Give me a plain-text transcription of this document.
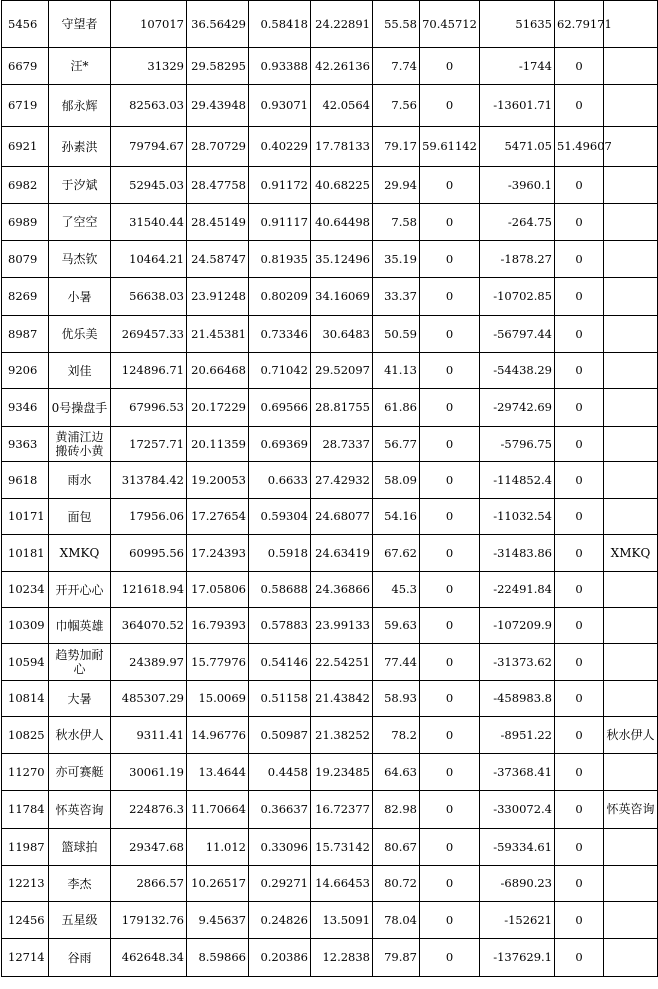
5456	守望者	107017	36.56429	0.58418	24.22891	55.58	70.45712	51635	62.79171	
6679	汪*	31329	29.58295	0.93388	42.26136	7.74	0	-1744	0	
6719	郁永辉	82563.03	29.43948	0.93071	42.0564	7.56	0	-13601.71	0	
6921	孙素洪	79794.67	28.70729	0.40229	17.78133	79.17	59.61142	5471.05	51.49607	
6982	于汐斌	52945.03	28.47758	0.91172	40.68225	29.94	0	-3960.1	0	
6989	了空空	31540.44	28.45149	0.91117	40.64498	7.58	0	-264.75	0	
8079	马杰钦	10464.21	24.58747	0.81935	35.12496	35.19	0	-1878.27	0	
8269	小暑	56638.03	23.91248	0.80209	34.16069	33.37	0	-10702.85	0	
8987	优乐美	269457.33	21.45381	0.73346	30.6483	50.59	0	-56797.44	0	
9206	刘佳	124896.71	20.66468	0.71042	29.52097	41.13	0	-54438.29	0	
9346	0号操盘手	67996.53	20.17229	0.69566	28.81755	61.86	0	-29742.69	0	
9363	黄浦江边搬砖小黄	17257.71	20.11359	0.69369	28.7337	56.77	0	-5796.75	0	
9618	雨水	313784.42	19.20053	0.6633	27.42932	58.09	0	-114852.4	0	
10171	面包	17956.06	17.27654	0.59304	24.68077	54.16	0	-11032.54	0	
10181	XMKQ	60995.56	17.24393	0.5918	24.63419	67.62	0	-31483.86	0	XMKQ
10234	开开心心	121618.94	17.05806	0.58688	24.36866	45.3	0	-22491.84	0	
10309	巾帼英雄	364070.52	16.79393	0.57883	23.99133	59.63	0	-107209.9	0	
10594	趋势加耐心	24389.97	15.77976	0.54146	22.54251	77.44	0	-31373.62	0	
10814	大暑	485307.29	15.0069	0.51158	21.43842	58.93	0	-458983.8	0	
10825	秋水伊人	9311.41	14.96776	0.50987	21.38252	78.2	0	-8951.22	0	秋水伊人
11270	亦可赛艇	30061.19	13.4644	0.4458	19.23485	64.63	0	-37368.41	0	
11784	怀英咨询	224876.3	11.70664	0.36637	16.72377	82.98	0	-330072.4	0	怀英咨询
11987	篮球拍	29347.68	11.012	0.33096	15.73142	80.67	0	-59334.61	0	
12213	李杰	2866.57	10.26517	0.29271	14.66453	80.72	0	-6890.23	0	
12456	五星级	179132.76	9.45637	0.24826	13.5091	78.04	0	-152621	0	
12714	谷雨	462648.34	8.59866	0.20386	12.2838	79.87	0	-137629.1	0	
